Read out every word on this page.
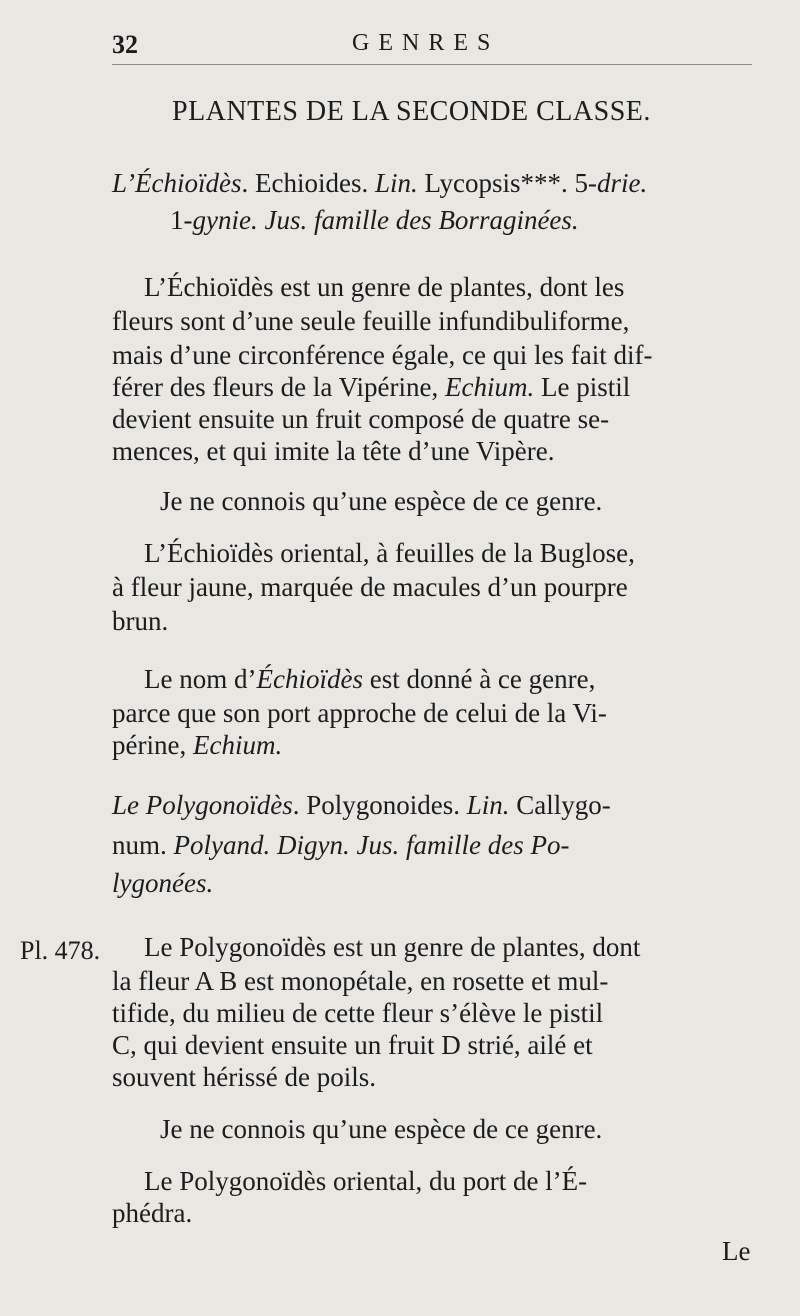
32	GENRES
PLANTES DE LA SECONDE CLASSE.
L’Échioïdès. Echioides. Lin. Lycopsis***. 5-drie.
1-gynie. Jus. famille des Borraginées.
L’Échioïdès est un genre de plantes, dont les
fleurs sont d’une seule feuille infundibuliforme,
mais d’une circonférence égale, ce qui les fait dif-
férer des fleurs de la Vipérine, Echium. Le pistil
devient ensuite un fruit composé de quatre se-
mences, et qui imite la tête d’une Vipère.
Je ne connois qu’une espèce de ce genre.
L’Échioïdès oriental, à feuilles de la Buglose,
à fleur jaune, marquée de macules d’un pourpre
brun.
Le nom d’Échioïdès est donné à ce genre,
parce que son port approche de celui de la Vi-
périne, Echium.
Le Polygonoïdès. Polygonoides. Lin. Callygo-
num. Polyand. Digyn. Jus. famille des Po-
lygonées.
Pl. 478. Le Polygonoïdès est un genre de plantes, dont
la fleur A B est monopétale, en rosette et mul-
tifide, du milieu de cette fleur s’élève le pistil
C, qui devient ensuite un fruit D strié, ailé et
souvent hérissé de poils.
Je ne connois qu’une espèce de ce genre.
Le Polygonoïdès oriental, du port de l’É-
phédra.
Le
